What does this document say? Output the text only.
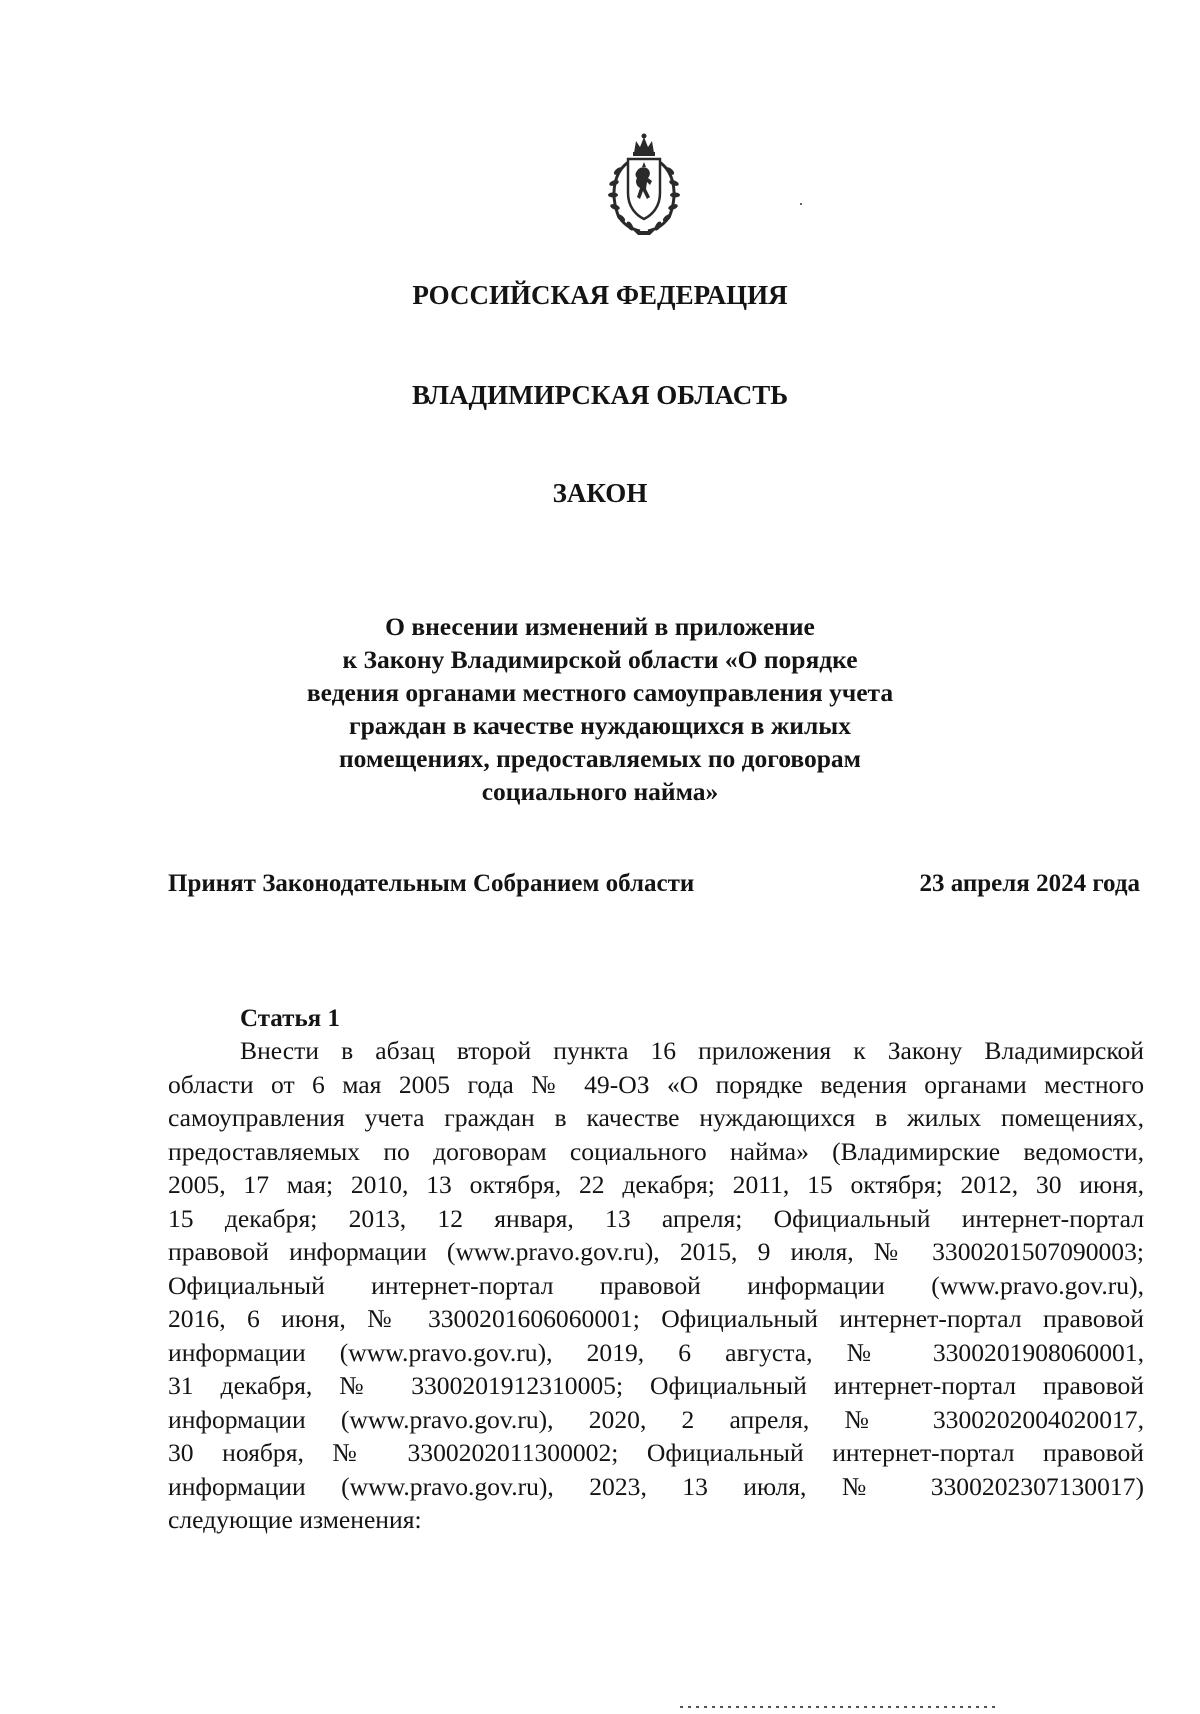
РОССИЙСКАЯ ФЕДЕРАЦИЯ
ВЛАДИМИРСКАЯ ОБЛАСТЬ
ЗАКОН
О внесении изменений в приложение
к Закону Владимирской области «О порядке
ведения органами местного самоуправления учета
граждан в качестве нуждающихся в жилых
помещениях, предоставляемых по договорам
социального найма»
Принят Законодательным Собранием области	23 апреля 2024 года
Статья 1
Внести в абзац второй пункта 16 приложения к Закону Владимирской
области от 6 мая 2005 года № 49-ОЗ «О порядке ведения органами местного
самоуправления учета граждан в качестве нуждающихся в жилых помещениях,
предоставляемых по договорам социального найма» (Владимирские ведомости,
2005, 17 мая; 2010, 13 октября, 22 декабря; 2011, 15 октября; 2012, 30 июня,
15 декабря; 2013, 12 января, 13 апреля; Официальный интернет-портал
правовой информации (www.pravo.gov.ru), 2015, 9 июля, № 3300201507090003;
Официальный интернет-портал правовой информации (www.pravo.gov.ru),
2016, 6 июня, № 3300201606060001; Официальный интернет-портал правовой
информации (www.pravo.gov.ru), 2019, 6 августа, № 3300201908060001,
31 декабря, № 3300201912310005; Официальный интернет-портал правовой
информации (www.pravo.gov.ru), 2020, 2 апреля, № 3300202004020017,
30 ноября, № 3300202011300002; Официальный интернет-портал правовой
информации (www.pravo.gov.ru), 2023, 13 июля, № 3300202307130017)
следующие изменения:
